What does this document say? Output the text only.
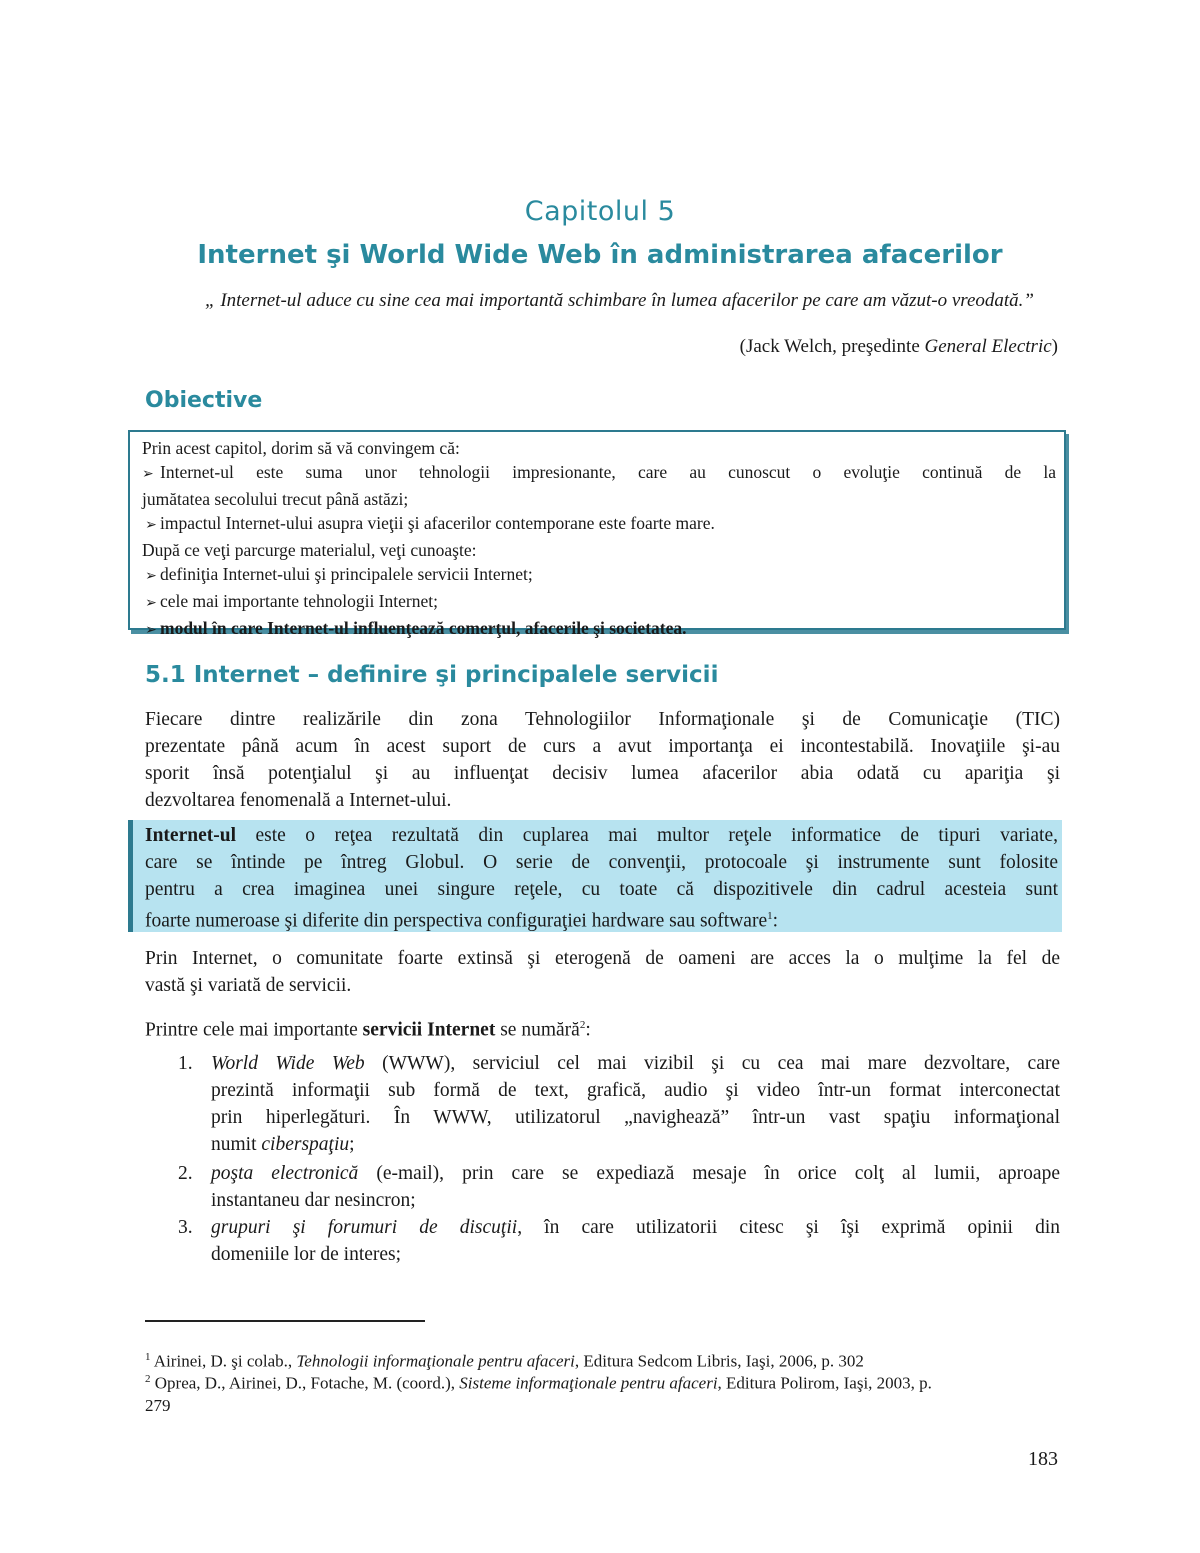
Capitolul 5
Internet şi World Wide Web în administrarea afacerilor
„ Internet-ul aduce cu sine cea mai importantă schimbare în lumea afacerilor pe care am văzut-o vreodată.”
(Jack Welch, preşedinte General Electric)
Obiective
Prin acest capitol, dorim să vă convingem că:
➢ Internet-ul este suma unor tehnologii impresionante, care au cunoscut o evoluţie continuă de la
jumătatea secolului trecut până astăzi;
➢ impactul Internet-ului asupra vieţii şi afacerilor contemporane este foarte mare.
După ce veţi parcurge materialul, veţi cunoaşte:
➢ definiţia Internet-ului şi principalele servicii Internet;
➢ cele mai importante tehnologii Internet;
➢ modul în care Internet-ul influenţează comerţul, afacerile şi societatea.
5.1 Internet – definire şi principalele servicii
Fiecare dintre realizările din zona Tehnologiilor Informaţionale şi de Comunicaţie (TIC)
prezentate până acum în acest suport de curs a avut importanţa ei incontestabilă. Inovaţiile şi-au
sporit însă potenţialul şi au influenţat decisiv lumea afacerilor abia odată cu apariţia şi
dezvoltarea fenomenală a Internet-ului.
Internet-ul este o reţea rezultată din cuplarea mai multor reţele informatice de tipuri variate,
care se întinde pe întreg Globul. O serie de convenţii, protocoale şi instrumente sunt folosite
pentru a crea imaginea unei singure reţele, cu toate că dispozitivele din cadrul acesteia sunt
foarte numeroase şi diferite din perspectiva configuraţiei hardware sau software$^1$:
Prin Internet, o comunitate foarte extinsă şi eterogenă de oameni are acces la o mulţime la fel de
vastă şi variată de servicii.
Printre cele mai importante servicii Internet se numără$^2$:
1. World Wide Web (WWW), serviciul cel mai vizibil şi cu cea mai mare dezvoltare, care
prezintă informaţii sub formă de text, grafică, audio şi video într-un format interconectat
prin hiperlegături. În WWW, utilizatorul „navighează” într-un vast spaţiu informaţional
numit ciberspaţiu;
2. poşta electronică (e-mail), prin care se expediază mesaje în orice colţ al lumii, aproape
instantaneu dar nesincron;
3. grupuri şi forumuri de discuţii, în care utilizatorii citesc şi îşi exprimă opinii din
domeniile lor de interes;
$^1$ Airinei, D. şi colab., Tehnologii informaţionale pentru afaceri, Editura Sedcom Libris, Iaşi, 2006, p. 302
$^2$ Oprea, D., Airinei, D., Fotache, M. (coord.), Sisteme informaţionale pentru afaceri, Editura Polirom, Iaşi, 2003, p.
279
183
